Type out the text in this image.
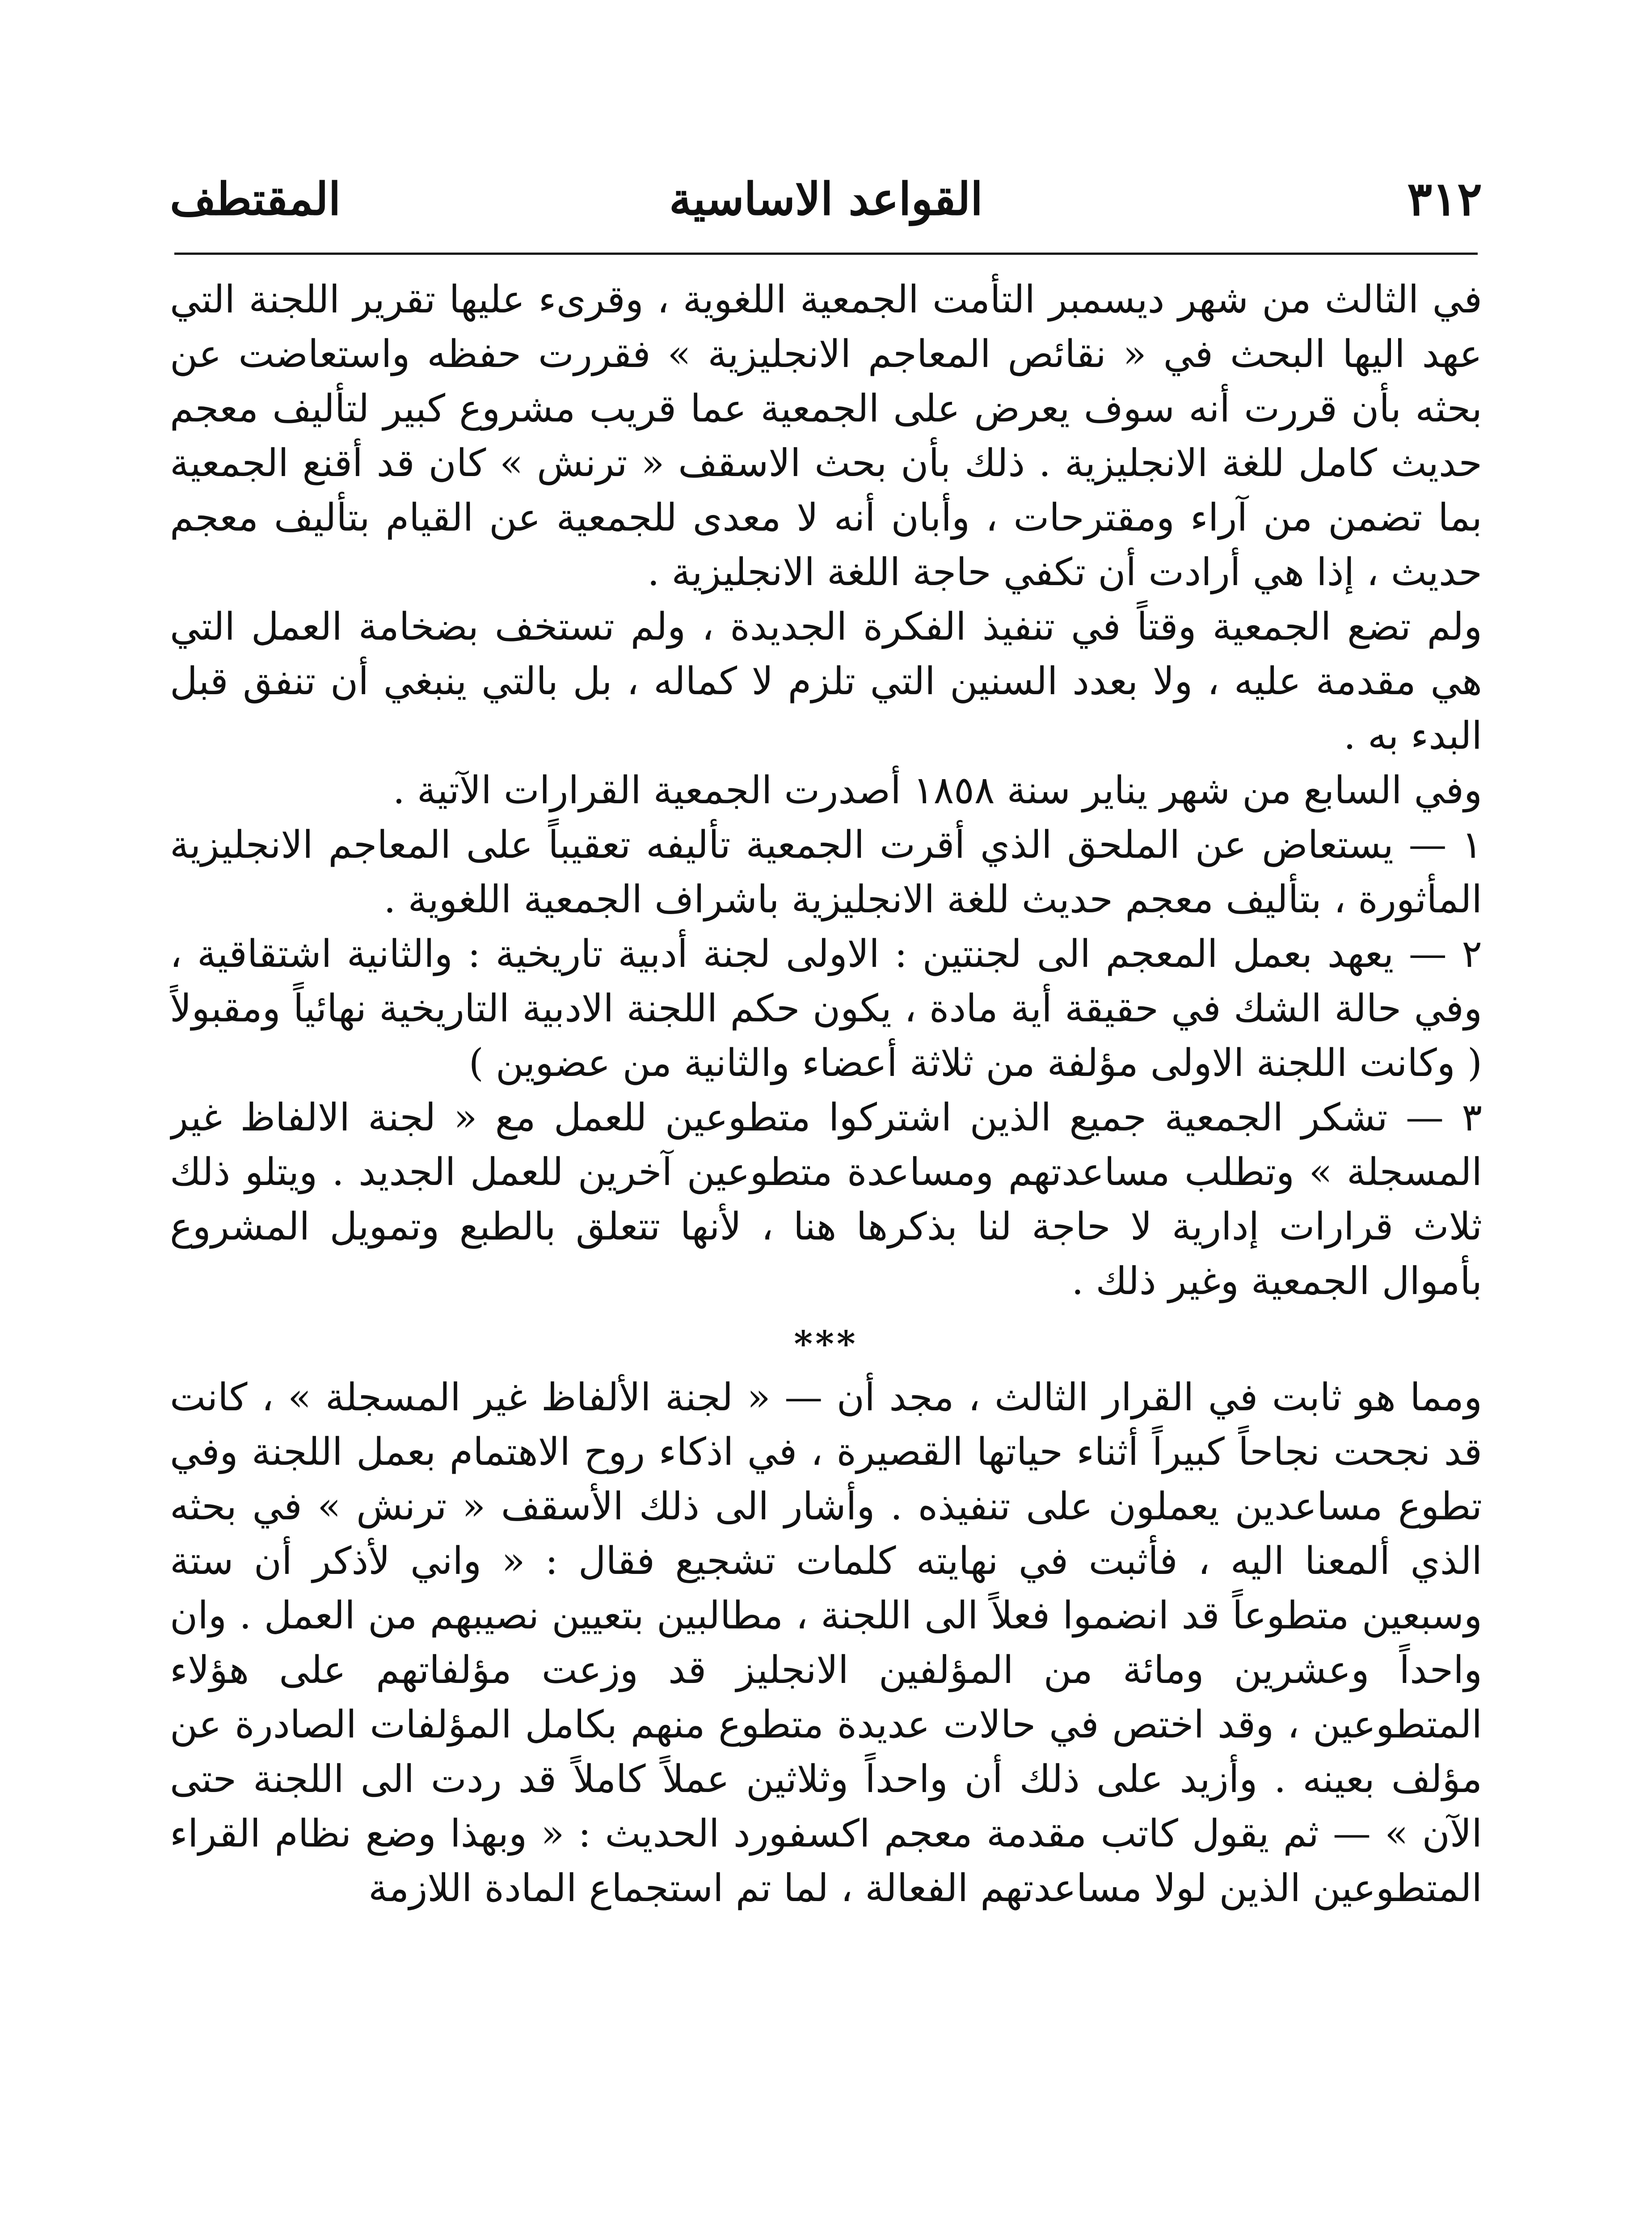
٣١٢
القواعد الاساسية
المقتطف

في الثالث من شهر ديسمبر التأمت الجمعية اللغوية ، وقرىء عليها تقرير اللجنة التي عهد اليها البحث في « نقائص المعاجم الانجليزية » فقررت حفظه واستعاضت عن بحثه بأن قررت أنه سوف يعرض على الجمعية عما قريب مشروع كبير لتأليف معجم حديث كامل للغة الانجليزية . ذلك بأن بحث الاسقف « ترنش » كان قد أقنع الجمعية بما تضمن من آراء ومقترحات ، وأبان أنه لا معدى للجمعية عن القيام بتأليف معجم حديث ، إذا هي أرادت أن تكفي حاجة اللغة الانجليزية .

ولم تضع الجمعية وقتاً في تنفيذ الفكرة الجديدة ، ولم تستخف بضخامة العمل التي هي مقدمة عليه ، ولا بعدد السنين التي تلزم لا كماله ، بل بالتي ينبغي أن تنفق قبل البدء به .

وفي السابع من شهر يناير سنة ١٨٥٨ أصدرت الجمعية القرارات الآتية .

١ — يستعاض عن الملحق الذي أقرت الجمعية تأليفه تعقيباً على المعاجم الانجليزية المأثورة ، بتأليف معجم حديث للغة الانجليزية باشراف الجمعية اللغوية .

٢ — يعهد بعمل المعجم الى لجنتين : الاولى لجنة أدبية تاريخية : والثانية اشتقاقية ، وفي حالة الشك في حقيقة أية مادة ، يكون حكم اللجنة الادبية التاريخية نهائياً ومقبولاً ( وكانت اللجنة الاولى مؤلفة من ثلاثة أعضاء والثانية من عضوين )

٣ — تشكر الجمعية جميع الذين اشتركوا متطوعين للعمل مع « لجنة الالفاظ غير المسجلة » وتطلب مساعدتهم ومساعدة متطوعين آخرين للعمل الجديد . ويتلو ذلك ثلاث قرارات إدارية لا حاجة لنا بذكرها هنا ، لأنها تتعلق بالطبع وتمويل المشروع بأموال الجمعية وغير ذلك .

***

ومما هو ثابت في القرار الثالث ، مجد أن — « لجنة الألفاظ غير المسجلة » ، كانت قد نجحت نجاحاً كبيراً أثناء حياتها القصيرة ، في اذكاء روح الاهتمام بعمل اللجنة وفي تطوع مساعدين يعملون على تنفيذه . وأشار الى ذلك الأسقف « ترنش » في بحثه الذي ألمعنا اليه ، فأثبت في نهايته كلمات تشجيع فقال : « واني لأذكر أن ستة وسبعين متطوعاً قد انضموا فعلاً الى اللجنة ، مطالبين بتعيين نصيبهم من العمل . وان واحداً وعشرين ومائة من المؤلفين الانجليز قد وزعت مؤلفاتهم على هؤلاء المتطوعين ، وقد اختص في حالات عديدة متطوع منهم بكامل المؤلفات الصادرة عن مؤلف بعينه . وأزيد على ذلك أن واحداً وثلاثين عملاً كاملاً قد ردت الى اللجنة حتى الآن » — ثم يقول كاتب مقدمة معجم اكسفورد الحديث : « وبهذا وضع نظام القراء المتطوعين الذين لولا مساعدتهم الفعالة ، لما تم استجماع المادة اللازمة
